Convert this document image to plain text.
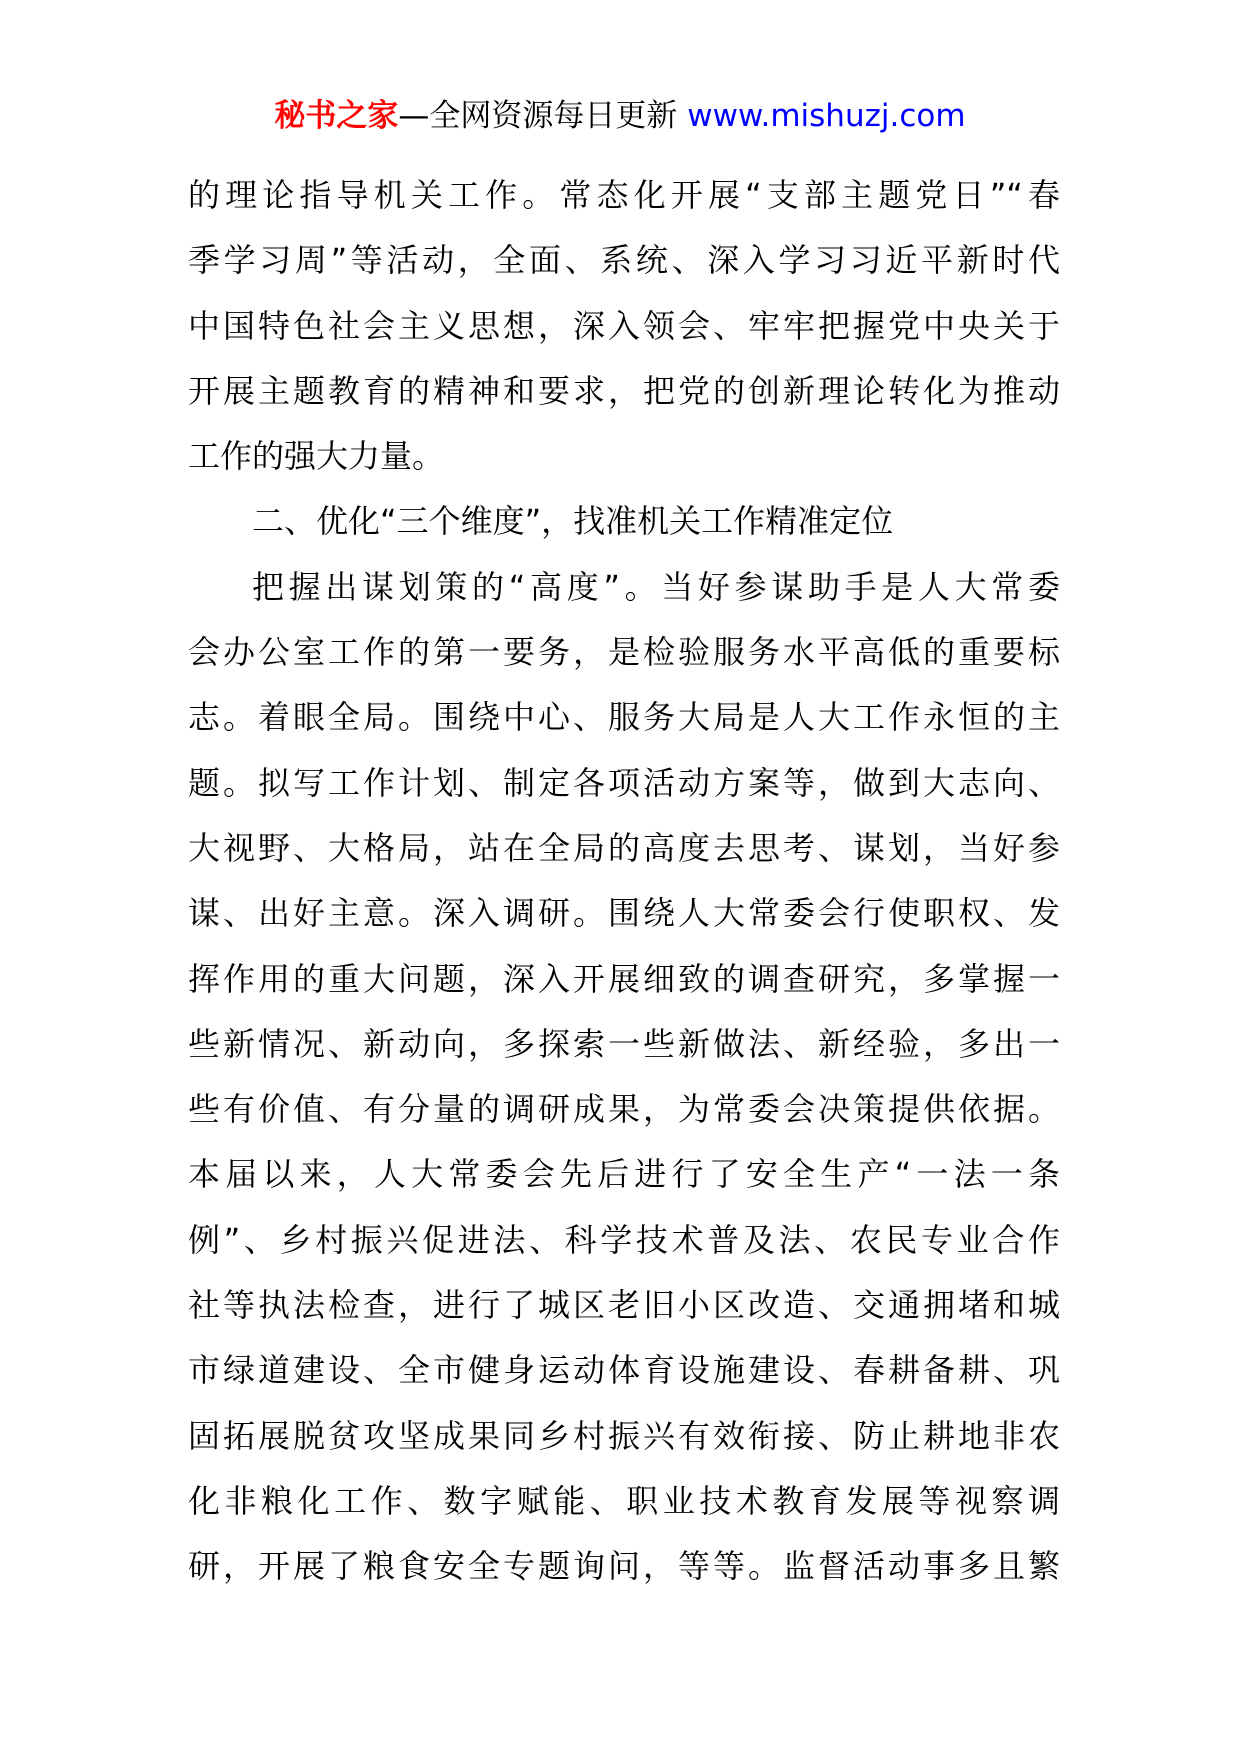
秘书之家—全网资源每日更新 www.mishuzj.com
的理论指导机关工作。常态化开展“支部主题党日”“春
季学习周”等活动，全面、系统、深入学习习近平新时代
中国特色社会主义思想，深入领会、牢牢把握党中央关于
开展主题教育的精神和要求，把党的创新理论转化为推动
工作的强大力量。
二、优化“三个维度”，找准机关工作精准定位
把握出谋划策的“高度”。当好参谋助手是人大常委
会办公室工作的第一要务，是检验服务水平高低的重要标
志。着眼全局。围绕中心、服务大局是人大工作永恒的主
题。拟写工作计划、制定各项活动方案等，做到大志向、
大视野、大格局，站在全局的高度去思考、谋划，当好参
谋、出好主意。深入调研。围绕人大常委会行使职权、发
挥作用的重大问题，深入开展细致的调查研究，多掌握一
些新情况、新动向，多探索一些新做法、新经验，多出一
些有价值、有分量的调研成果，为常委会决策提供依据。
本届以来，人大常委会先后进行了安全生产“一法一条
例”、乡村振兴促进法、科学技术普及法、农民专业合作
社等执法检查，进行了城区老旧小区改造、交通拥堵和城
市绿道建设、全市健身运动体育设施建设、春耕备耕、巩
固拓展脱贫攻坚成果同乡村振兴有效衔接、防止耕地非农
化非粮化工作、数字赋能、职业技术教育发展等视察调
研，开展了粮食安全专题询问，等等。监督活动事多且繁
